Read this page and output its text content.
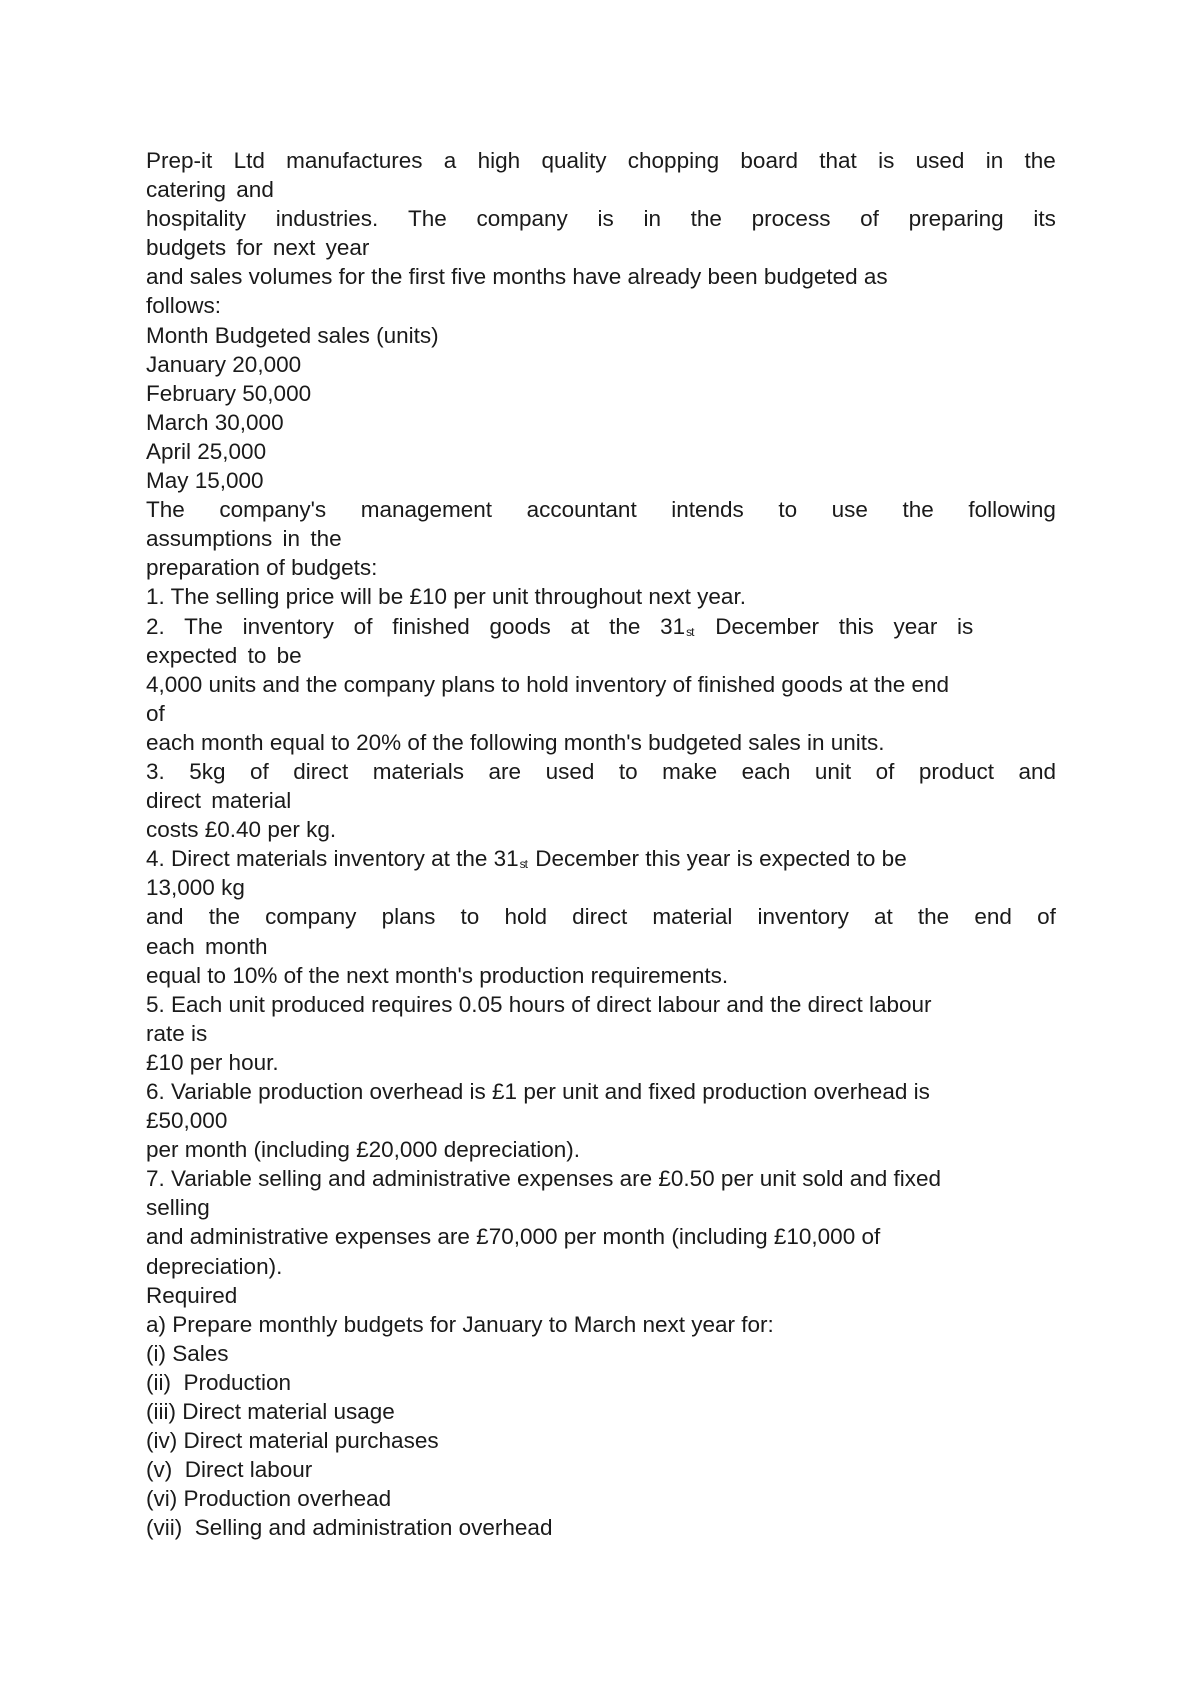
Prep-it Ltd manufactures a high quality chopping board that is used in the
catering and
hospitality industries. The company is in the process of preparing its
budgets for next year
and sales volumes for the first five months have already been budgeted as
follows:
Month Budgeted sales (units)
January 20,000
February 50,000
March 30,000
April 25,000
May 15,000
The company's management accountant intends to use the following
assumptions in the
preparation of budgets:
1. The selling price will be £10 per unit throughout next year.
2. The inventory of finished goods at the 31st December this year is
expected to be
4,000 units and the company plans to hold inventory of finished goods at the end
of
each month equal to 20% of the following month's budgeted sales in units.
3. 5kg of direct materials are used to make each unit of product and
direct material
costs £0.40 per kg.
4. Direct materials inventory at the 31st December this year is expected to be
13,000 kg
and the company plans to hold direct material inventory at the end of
each month
equal to 10% of the next month's production requirements.
5. Each unit produced requires 0.05 hours of direct labour and the direct labour
rate is
£10 per hour.
6. Variable production overhead is £1 per unit and fixed production overhead is
£50,000
per month (including £20,000 depreciation).
7. Variable selling and administrative expenses are £0.50 per unit sold and fixed
selling
and administrative expenses are £70,000 per month (including £10,000 of
depreciation).
Required
a) Prepare monthly budgets for January to March next year for:
(i) Sales
(ii)  Production
(iii) Direct material usage
(iv) Direct material purchases
(v)  Direct labour
(vi) Production overhead
(vii)  Selling and administration overhead
